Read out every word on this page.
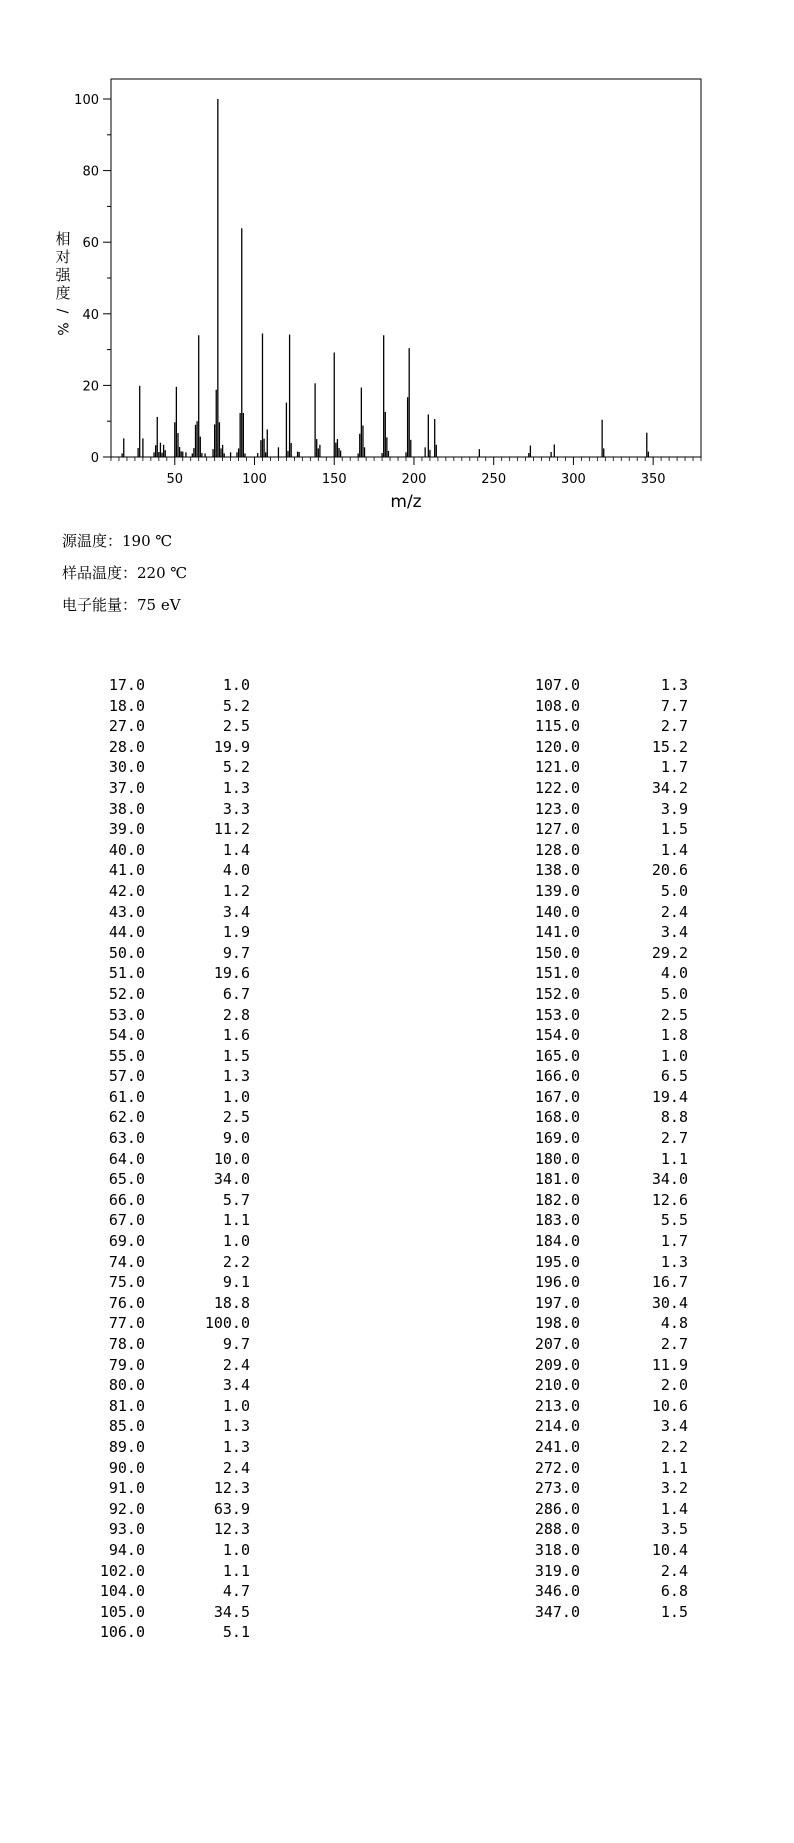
50	100	150	200	250	300	350
0
20
40
60
80
100
m/z
相
对
强
度
/
%
源温度：190 ℃
样品温度：220 ℃
电子能量：75 eV
17.0	1.0
18.0	5.2
27.0	2.5
28.0	19.9
30.0	5.2
37.0	1.3
38.0	3.3
39.0	11.2
40.0	1.4
41.0	4.0
42.0	1.2
43.0	3.4
44.0	1.9
50.0	9.7
51.0	19.6
52.0	6.7
53.0	2.8
54.0	1.6
55.0	1.5
57.0	1.3
61.0	1.0
62.0	2.5
63.0	9.0
64.0	10.0
65.0	34.0
66.0	5.7
67.0	1.1
69.0	1.0
74.0	2.2
75.0	9.1
76.0	18.8
77.0	100.0
78.0	9.7
79.0	2.4
80.0	3.4
81.0	1.0
85.0	1.3
89.0	1.3
90.0	2.4
91.0	12.3
92.0	63.9
93.0	12.3
94.0	1.0
102.0	1.1
104.0	4.7
105.0	34.5
106.0	5.1
107.0	1.3
108.0	7.7
115.0	2.7
120.0	15.2
121.0	1.7
122.0	34.2
123.0	3.9
127.0	1.5
128.0	1.4
138.0	20.6
139.0	5.0
140.0	2.4
141.0	3.4
150.0	29.2
151.0	4.0
152.0	5.0
153.0	2.5
154.0	1.8
165.0	1.0
166.0	6.5
167.0	19.4
168.0	8.8
169.0	2.7
180.0	1.1
181.0	34.0
182.0	12.6
183.0	5.5
184.0	1.7
195.0	1.3
196.0	16.7
197.0	30.4
198.0	4.8
207.0	2.7
209.0	11.9
210.0	2.0
213.0	10.6
214.0	3.4
241.0	2.2
272.0	1.1
273.0	3.2
286.0	1.4
288.0	3.5
318.0	10.4
319.0	2.4
346.0	6.8
347.0	1.5
